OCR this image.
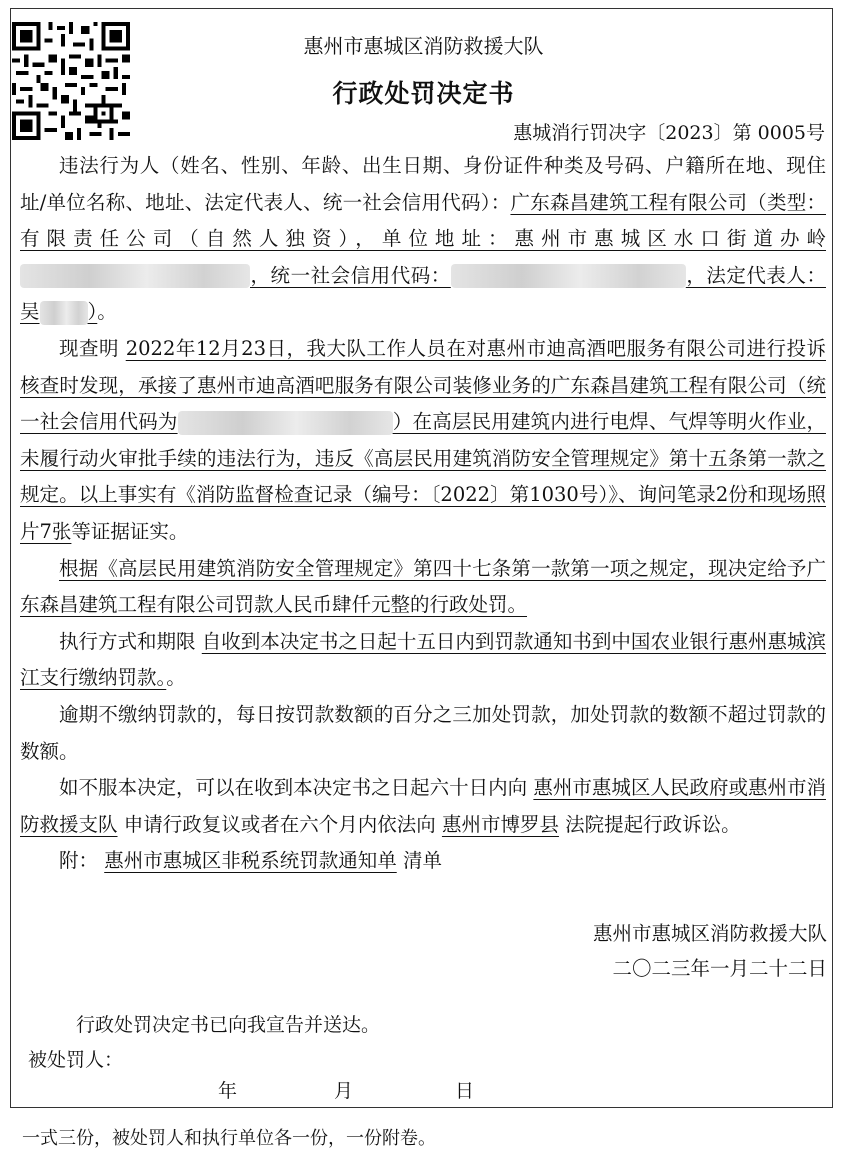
惠州市惠城区消防救援大队
行政处罚决定书
惠城消行罚决字〔2023〕第 0005号

违法行为人（姓名、性别、年龄、出生日期、身份证件种类及号码、户籍所在地、现住址/单位名称、地址、法定代表人、统一社会信用代码）：广东森昌建筑工程有限公司（类型：有限责任公司（自然人独资），单位地址：惠州市惠城区水口街道办岭，统一社会信用代码：	，法定代表人：吴 ）。

现查明 2022年12月23日，我大队工作人员在对惠州市迪高酒吧服务有限公司进行投诉核查时发现，承接了惠州市迪高酒吧服务有限公司装修业务的广东森昌建筑工程有限公司（统一社会信用代码为	）在高层民用建筑内进行电焊、气焊等明火作业，未履行动火审批手续的违法行为，违反《高层民用建筑消防安全管理规定》第十五条第一款之规定。以上事实有《消防监督检查记录（编号：〔2022〕第1030号）》、询问笔录2份和现场照片7张等证据证实。

根据《高层民用建筑消防安全管理规定》第四十七条第一款第一项之规定，现决定给予广东森昌建筑工程有限公司罚款人民币肆仟元整的行政处罚。

执行方式和期限 自收到本决定书之日起十五日内到罚款通知书到中国农业银行惠州惠城滨江支行缴纳罚款。。

逾期不缴纳罚款的，每日按罚款数额的百分之三加处罚款，加处罚款的数额不超过罚款的数额。

如不服本决定，可以在收到本决定书之日起六十日内向 惠州市惠城区人民政府或惠州市消防救援支队 申请行政复议或者在六个月内依法向 惠州市博罗县 法院提起行政诉讼。

附： 惠州市惠城区非税系统罚款通知单 清单

惠州市惠城区消防救援大队
二〇二三年一月二十二日
行政处罚决定书已向我宣告并送达。
被处罚人：
年	月	日
一式三份，被处罚人和执行单位各一份，一份附卷。
